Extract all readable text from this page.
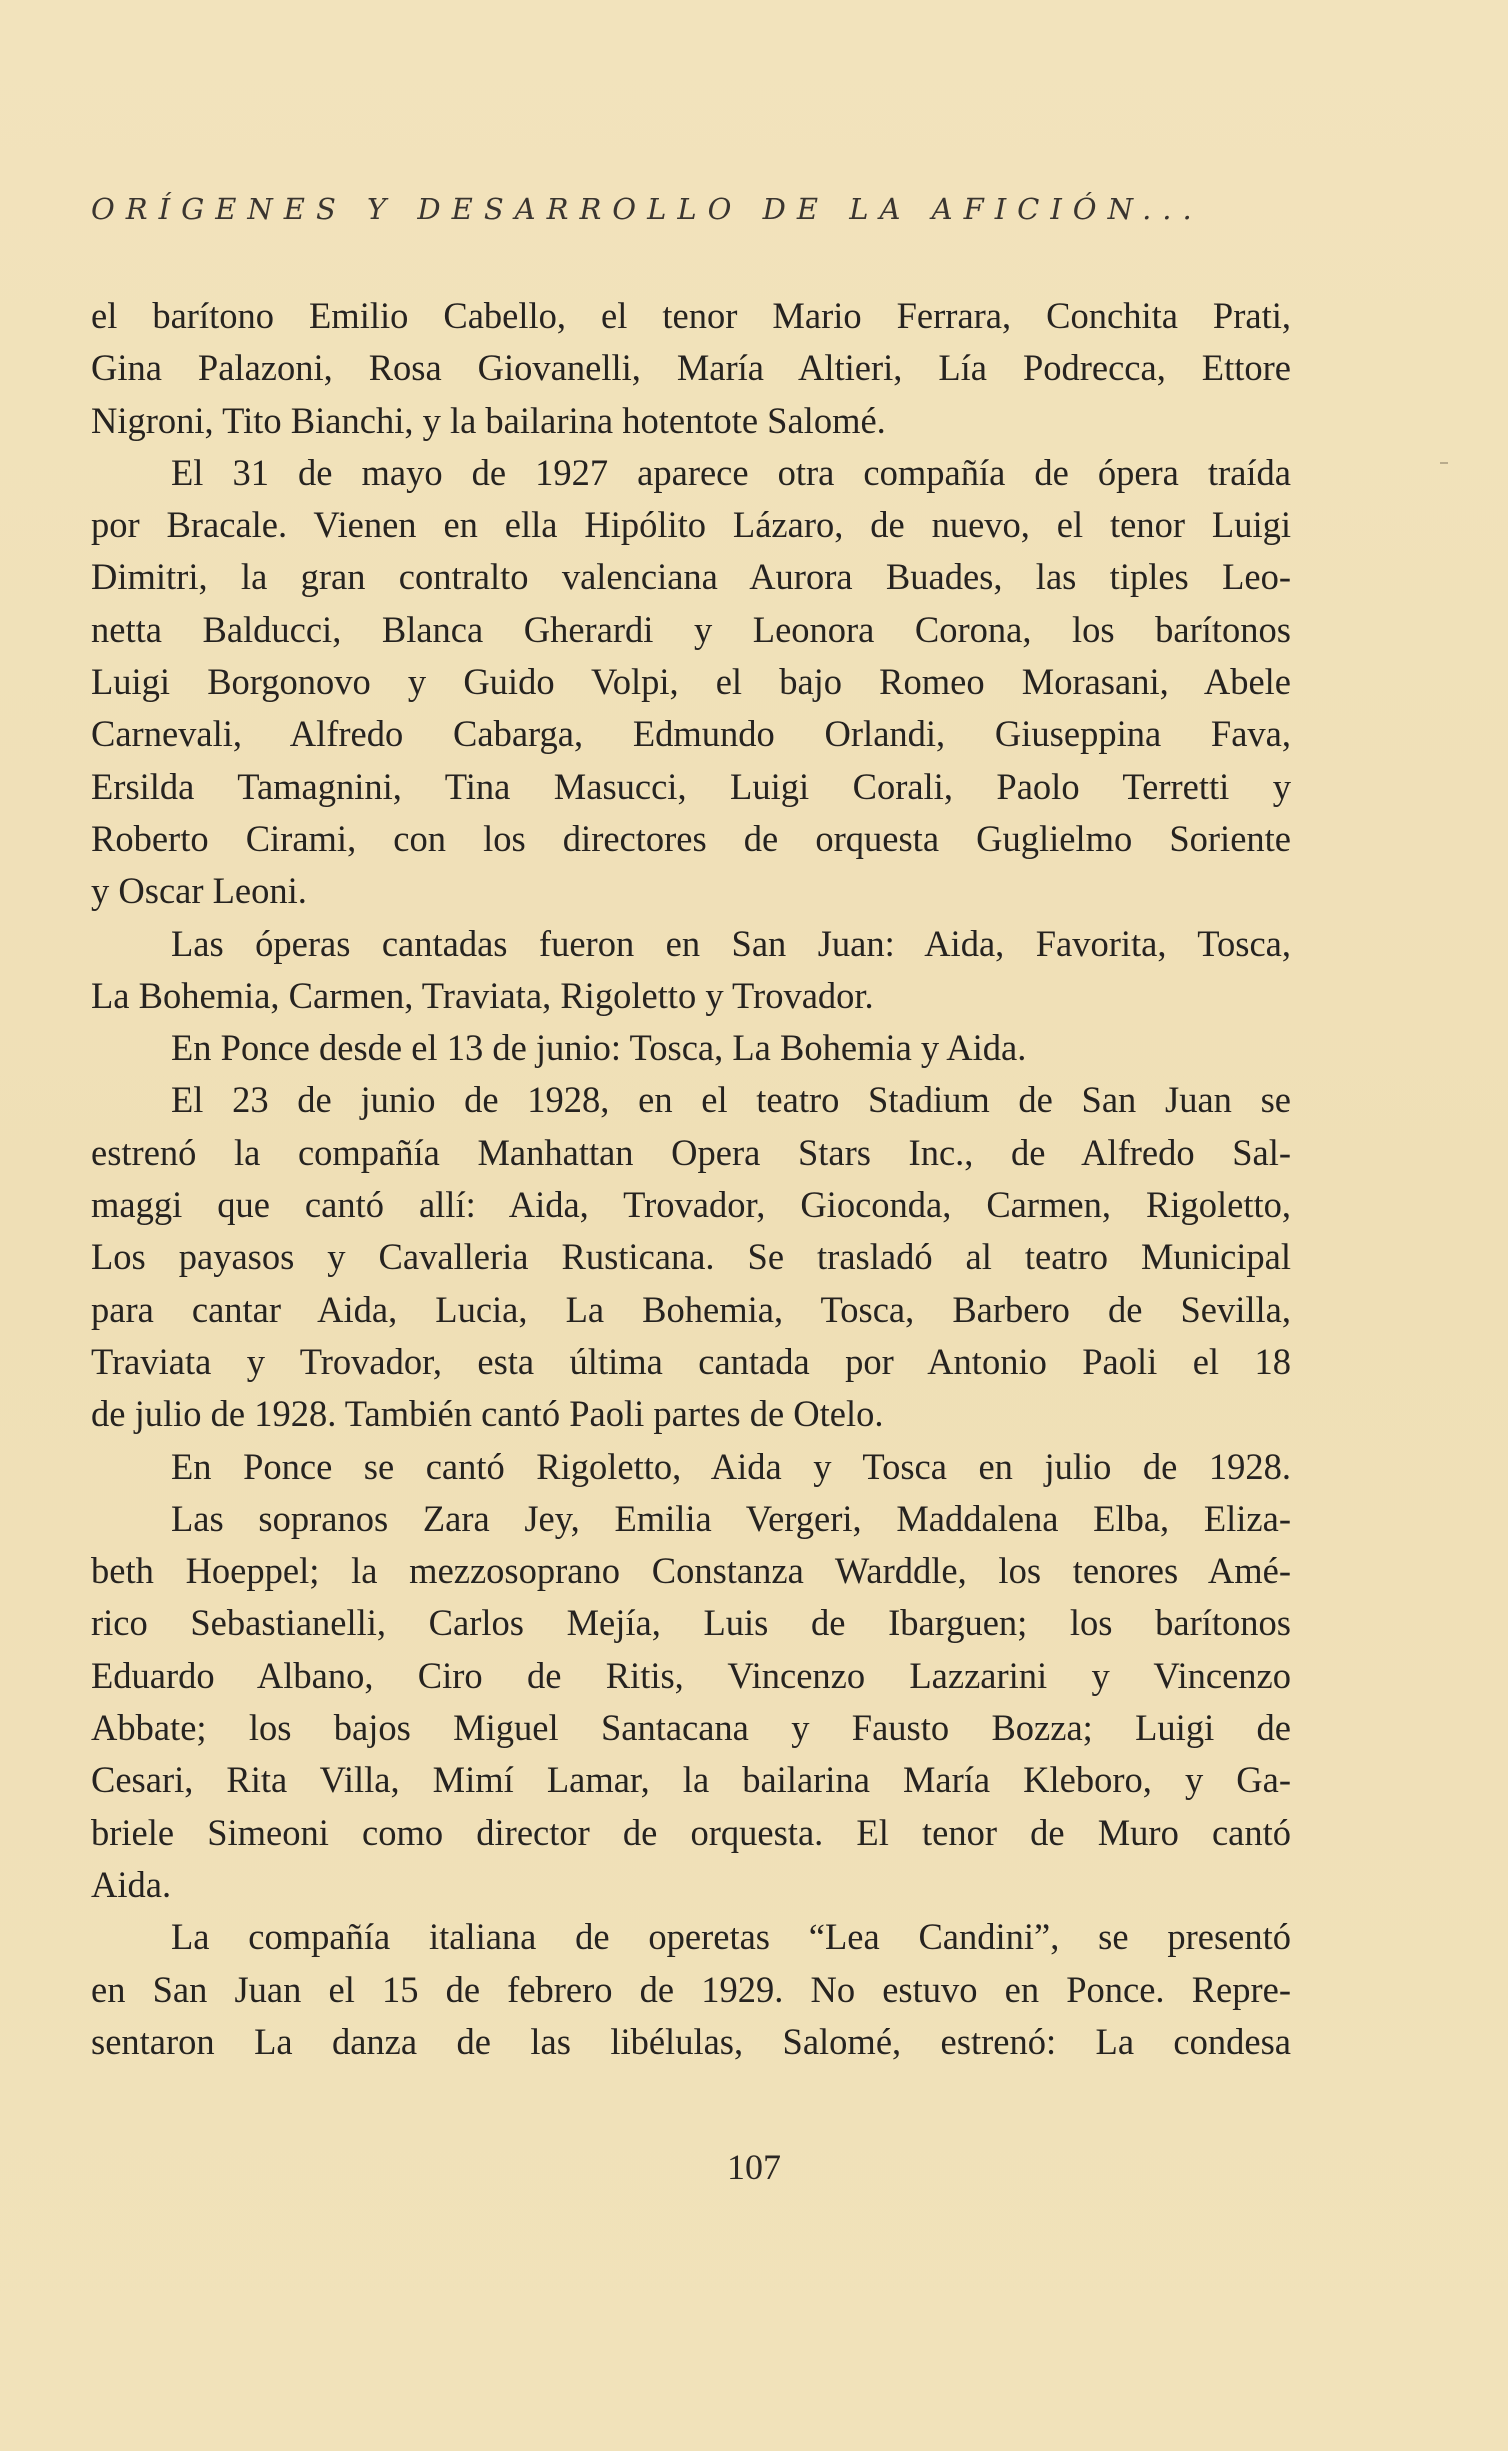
ORÍGENES Y DESARROLLO DE LA AFICIÓN...
el barítono Emilio Cabello, el tenor Mario Ferrara, Conchita Prati,
Gina Palazoni, Rosa Giovanelli, María Altieri, Lía Podrecca, Ettore
Nigroni, Tito Bianchi, y la bailarina hotentote Salomé.
El 31 de mayo de 1927 aparece otra compañía de ópera traída
por Bracale. Vienen en ella Hipólito Lázaro, de nuevo, el tenor Luigi
Dimitri, la gran contralto valenciana Aurora Buades, las tiples Leo-
netta Balducci, Blanca Gherardi y Leonora Corona, los barítonos
Luigi Borgonovo y Guido Volpi, el bajo Romeo Morasani, Abele
Carnevali, Alfredo Cabarga, Edmundo Orlandi, Giuseppina Fava,
Ersilda Tamagnini, Tina Masucci, Luigi Corali, Paolo Terretti y
Roberto Cirami, con los directores de orquesta Guglielmo Soriente
y Oscar Leoni.
Las óperas cantadas fueron en San Juan: Aida, Favorita, Tosca,
La Bohemia, Carmen, Traviata, Rigoletto y Trovador.
En Ponce desde el 13 de junio: Tosca, La Bohemia y Aida.
El 23 de junio de 1928, en el teatro Stadium de San Juan se
estrenó la compañía Manhattan Opera Stars Inc., de Alfredo Sal-
maggi que cantó allí: Aida, Trovador, Gioconda, Carmen, Rigoletto,
Los payasos y Cavalleria Rusticana. Se trasladó al teatro Municipal
para cantar Aida, Lucia, La Bohemia, Tosca, Barbero de Sevilla,
Traviata y Trovador, esta última cantada por Antonio Paoli el 18
de julio de 1928. También cantó Paoli partes de Otelo.
En Ponce se cantó Rigoletto, Aida y Tosca en julio de 1928.
Las sopranos Zara Jey, Emilia Vergeri, Maddalena Elba, Eliza-
beth Hoeppel; la mezzosoprano Constanza Warddle, los tenores Amé-
rico Sebastianelli, Carlos Mejía, Luis de Ibarguen; los barítonos
Eduardo Albano, Ciro de Ritis, Vincenzo Lazzarini y Vincenzo
Abbate; los bajos Miguel Santacana y Fausto Bozza; Luigi de
Cesari, Rita Villa, Mimí Lamar, la bailarina María Kleboro, y Ga-
briele Simeoni como director de orquesta. El tenor de Muro cantó
Aida.
La compañía italiana de operetas “Lea Candini”, se presentó
en San Juan el 15 de febrero de 1929. No estuvo en Ponce. Repre-
sentaron La danza de las libélulas, Salomé, estrenó: La condesa
107
